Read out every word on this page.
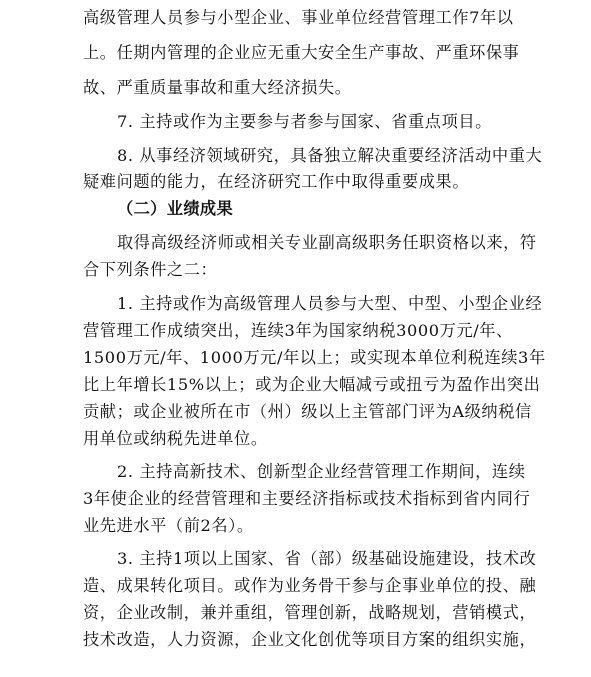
高级管理人员参与小型企业、事业单位经营管理工作7年以
上。任期内管理的企业应无重大安全生产事故、严重环保事
故、严重质量事故和重大经济损失。
7. 主持或作为主要参与者参与国家、省重点项目。
8. 从事经济领域研究，具备独立解决重要经济活动中重大
疑难问题的能力，在经济研究工作中取得重要成果。
（二）业绩成果
取得高级经济师或相关专业副高级职务任职资格以来，符
合下列条件之二：
1. 主持或作为高级管理人员参与大型、中型、小型企业经
营管理工作成绩突出，连续3年为国家纳税3000万元/年、
1500万元/年、1000万元/年以上；或实现本单位利税连续3年
比上年增长15%以上；或为企业大幅减亏或扭亏为盈作出突出
贡献；或企业被所在市（州）级以上主管部门评为A级纳税信
用单位或纳税先进单位。
2. 主持高新技术、创新型企业经营管理工作期间，连续
3年使企业的经营管理和主要经济指标或技术指标到省内同行
业先进水平（前2名）。
3. 主持1项以上国家、省（部）级基础设施建设，技术改
造、成果转化项目。或作为业务骨干参与企事业单位的投、融
资，企业改制，兼并重组，管理创新，战略规划，营销模式，
技术改造，人力资源，企业文化创优等项目方案的组织实施，
